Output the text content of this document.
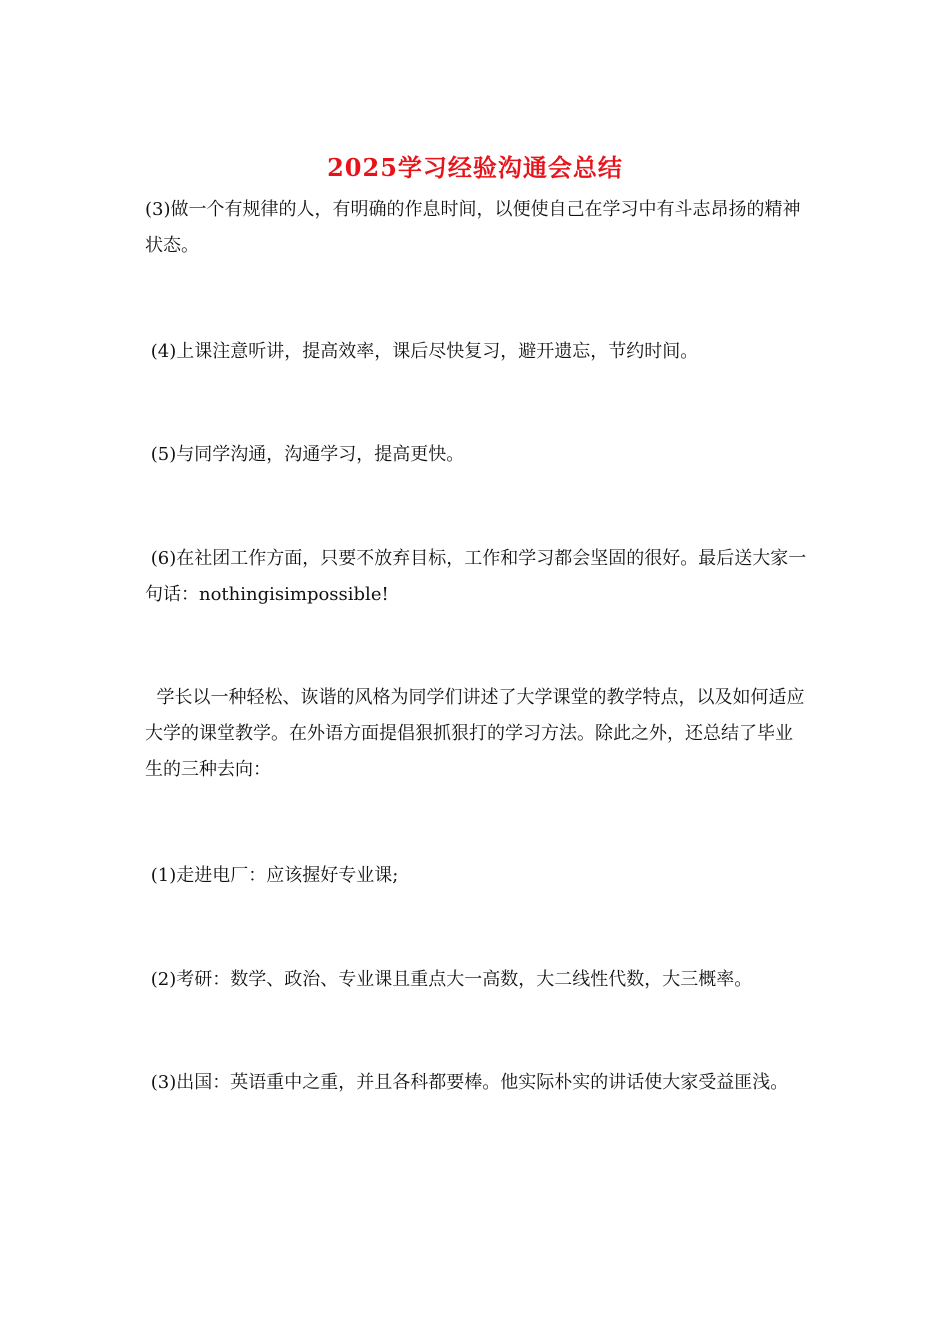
2025学习经验沟通会总结
(3)做一个有规律的人，有明确的作息时间，以便使自己在学习中有斗志昂扬的精神状态。
(4)上课注意听讲，提高效率，课后尽快复习，避开遗忘，节约时间。
(5)与同学沟通，沟通学习，提高更快。
(6)在社团工作方面，只要不放弃目标，工作和学习都会坚固的很好。最后送大家一句话：nothingisimpossible!
学长以一种轻松、诙谐的风格为同学们讲述了大学课堂的教学特点，以及如何适应大学的课堂教学。在外语方面提倡狠抓狠打的学习方法。除此之外，还总结了毕业生的三种去向：
(1)走进电厂：应该握好专业课;
(2)考研：数学、政治、专业课且重点大一高数，大二线性代数，大三概率。
(3)出国：英语重中之重，并且各科都要棒。他实际朴实的讲话使大家受益匪浅。
